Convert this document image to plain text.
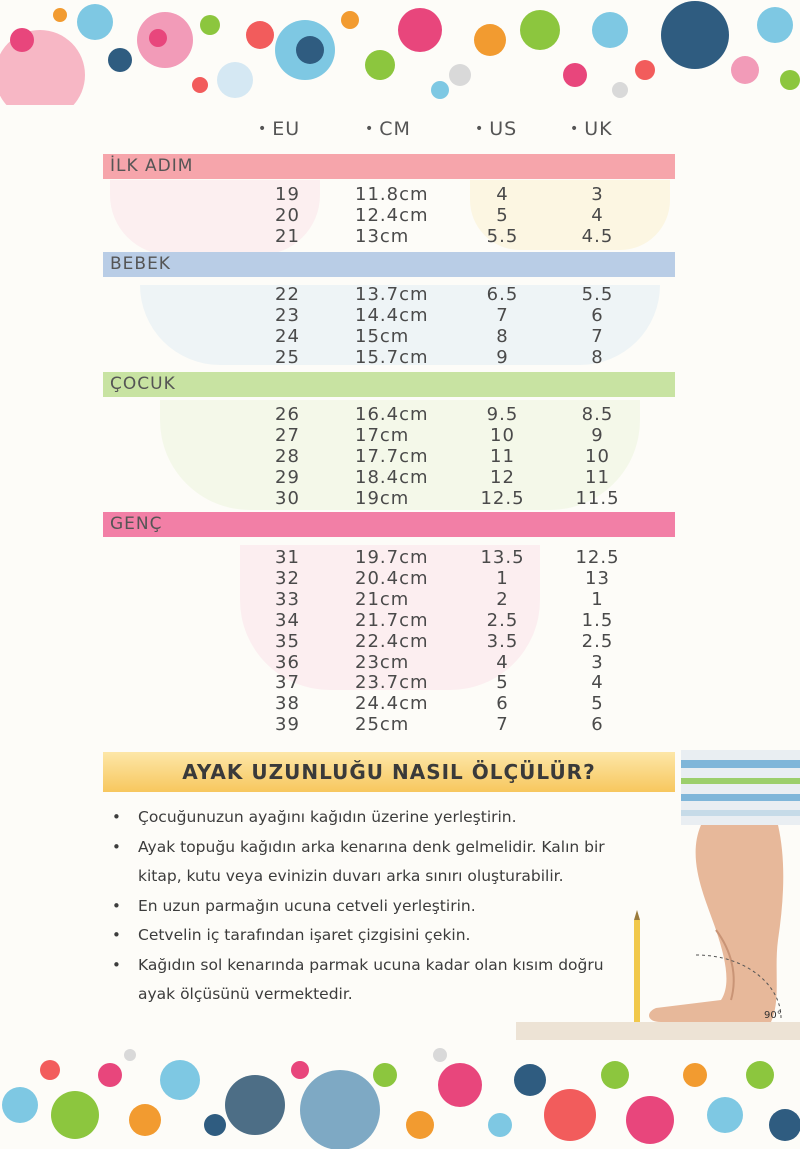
• EU	• CM	• US	• UK
İLK ADIM
19	11.8cm	4	3
20	12.4cm	5	4
21	13cm	5.5	4.5
BEBEK
22	13.7cm	6.5	5.5
23	14.4cm	7	6
24	15cm	8	7
25	15.7cm	9	8
ÇOCUK
26	16.4cm	9.5	8.5
27	17cm	10	9
28	17.7cm	11	10
29	18.4cm	12	11
30	19cm	12.5	11.5
GENÇ
31	19.7cm	13.5	12.5
32	20.4cm	1	13
33	21cm	2	1
34	21.7cm	2.5	1.5
35	22.4cm	3.5	2.5
36	23cm	4	3
37	23.7cm	5	4
38	24.4cm	6	5
39	25cm	7	6
AYAK UZUNLUĞU NASIL ÖLÇÜLÜR?
• Çocuğunuzun ayağını kağıdın üzerine yerleştirin.
• Ayak topuğu kağıdın arka kenarına denk gelmelidir. Kalın bir kitap, kutu veya evinizin duvarı arka sınırı oluşturabilir.
• En uzun parmağın ucuna cetveli yerleştirin.
• Cetvelin iç tarafından işaret çizgisini çekin.
• Kağıdın sol kenarında parmak ucuna kadar olan kısım doğru ayak ölçüsünü vermektedir.
90°
